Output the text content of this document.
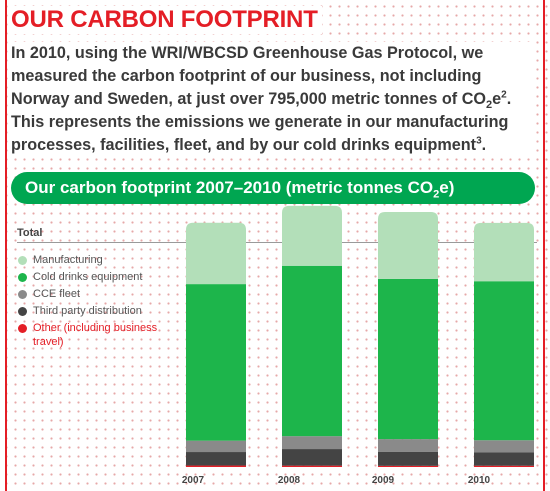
OUR CARBON FOOTPRINT

In 2010, using the WRI/WBCSD Greenhouse Gas Protocol, we measured the carbon footprint of our business, not including Norway and Sweden, at just over 795,000 metric tonnes of $CO_2e^2$. This represents the emissions we generate in our manufacturing processes, facilities, fleet, and by our cold drinks equipment$^3$.

Our carbon footprint 2007–2010 (metric tonnes $CO_2e$)
Total
Manufacturing
Cold drinks equipment
CCE fleet
Third party distribution
Other (including business travel)
2007	2008	2009	2010
